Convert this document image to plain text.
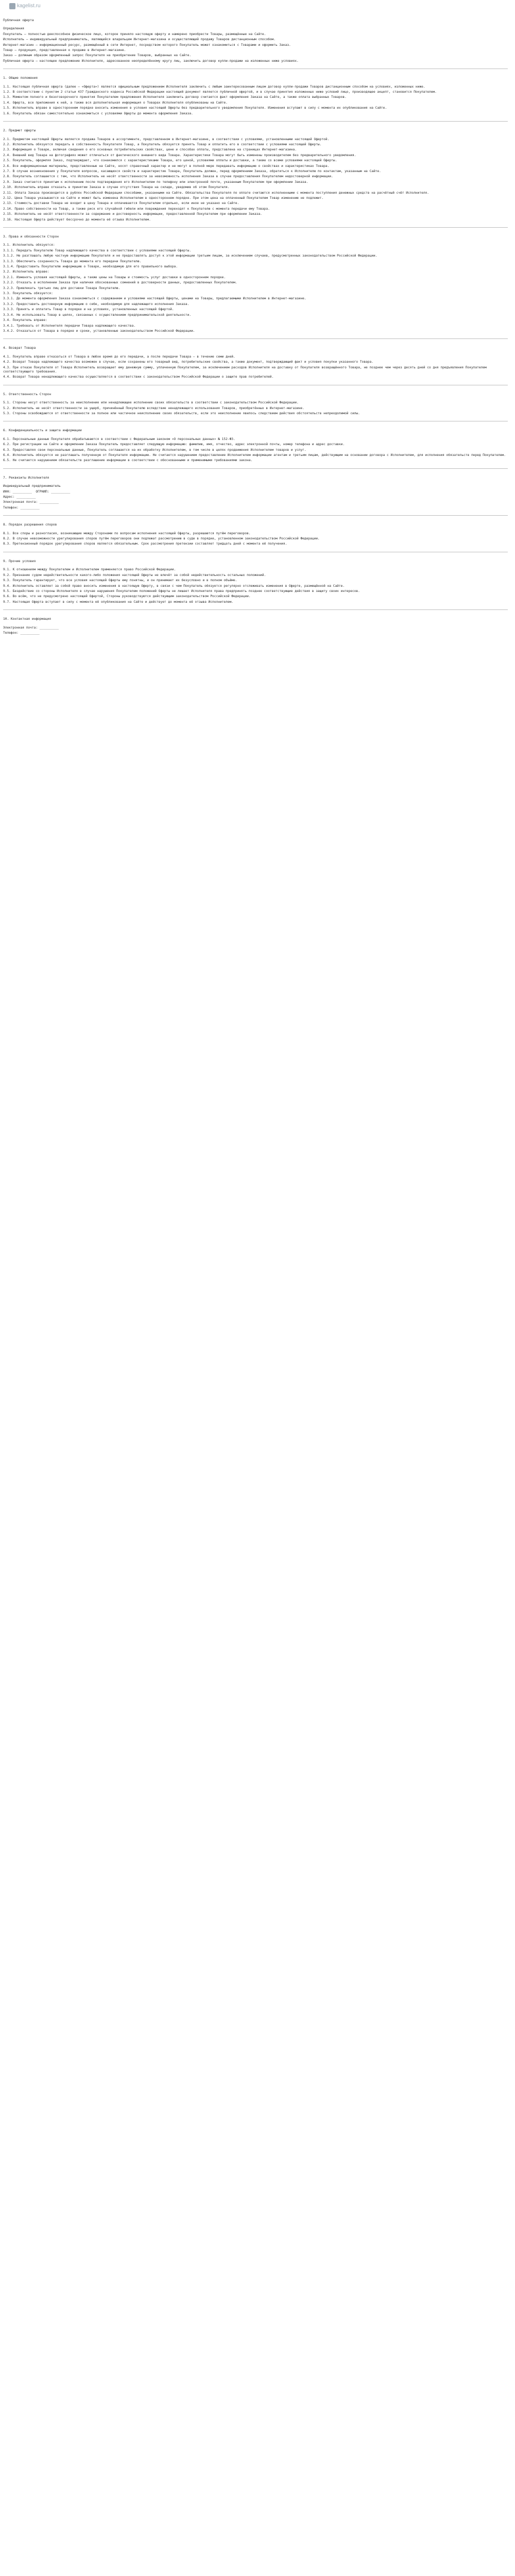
kagelist.ru
Публичная оферта

Определения

Покупатель — полностью дееспособное физическое лицо, которое приняло настоящую оферту и намерено приобрести Товары, размещённые на Сайте.

Исполнитель — индивидуальный предприниматель, являющийся владельцем Интернет-магазина и осуществляющий продажу Товаров дистанционным способом.

Интернет-магазин — информационный ресурс, размещённый в сети Интернет, посредством которого Покупатель может ознакомиться с Товарами и оформить Заказ.

Товар — продукция, представленная к продаже в Интернет-магазине.

Заказ — должным образом оформленный запрос Покупателя на приобретение Товаров, выбранных на Сайте.

Публичная оферта — настоящее предложение Исполнителя, адресованное неопределённому кругу лиц, заключить договор купли-продажи на изложенных ниже условиях.

1. Общие положения

1.1. Настоящая публичная оферта (далее — «Оферта») является официальным предложением Исполнителя заключить с любым заинтересованным лицом договор купли-продажи Товаров дистанционным способом на условиях, изложенных ниже.

1.2. В соответствии с пунктом 2 статьи 437 Гражданского кодекса Российской Федерации настоящий документ является публичной офертой, и в случае принятия изложенных ниже условий лицо, производящее акцепт, становится Покупателем.

1.3. Моментом полного и безоговорочного принятия Покупателем предложения Исполнителя заключить договор считается факт оформления Заказа на Сайте, а также оплата выбранных Товаров.

1.4. Оферта, все приложения к ней, а также вся дополнительная информация о Товарах Исполнителя опубликованы на Сайте.

1.5. Исполнитель вправе в одностороннем порядке вносить изменения в условия настоящей Оферты без предварительного уведомления Покупателя. Изменения вступают в силу с момента их опубликования на Сайте.

1.6. Покупатель обязан самостоятельно ознакомиться с условиями Оферты до момента оформления Заказа.

2. Предмет оферты

2.1. Предметом настоящей Оферты является продажа Товаров в ассортименте, представленном в Интернет-магазине, в соответствии с условиями, установленными настоящей Офертой.

2.2. Исполнитель обязуется передать в собственность Покупателя Товар, а Покупатель обязуется принять Товар и оплатить его в соответствии с условиями настоящей Оферты.

2.3. Информация о Товаре, включая сведения о его основных потребительских свойствах, цене и способах оплаты, представлена на страницах Интернет-магазина.

2.4. Внешний вид Товара на фотографиях может отличаться от фактического внешнего вида Товара. Характеристики Товара могут быть изменены производителем без предварительного уведомления.

2.5. Покупатель, оформляя Заказ, подтверждает, что ознакомился с характеристиками Товара, его ценой, условиями оплаты и доставки, а также со всеми условиями настоящей Оферты.

2.6. Все информационные материалы, представленные на Сайте, носят справочный характер и не могут в полной мере передавать информацию о свойствах и характеристиках Товара.

2.7. В случае возникновения у Покупателя вопросов, касающихся свойств и характеристик Товара, Покупатель должен, перед оформлением Заказа, обратиться к Исполнителю по контактам, указанным на Сайте.

2.8. Покупатель соглашается с тем, что Исполнитель не несёт ответственности за невозможность исполнения Заказа в случае предоставления Покупателем недостоверной информации.

2.9. Заказ считается принятым к исполнению после подтверждения его Исполнителем по телефону или электронной почте, указанным Покупателем при оформлении Заказа.

2.10. Исполнитель вправе отказать в принятии Заказа в случае отсутствия Товара на складе, уведомив об этом Покупателя.

2.11. Оплата Заказа производится в рублях Российской Федерации способами, указанными на Сайте. Обязательства Покупателя по оплате считаются исполненными с момента поступления денежных средств на расчётный счёт Исполнителя.

2.12. Цена Товара указывается на Сайте и может быть изменена Исполнителем в одностороннем порядке. При этом цена на оплаченный Покупателем Товар изменению не подлежит.

2.13. Стоимость доставки Товара не входит в цену Товара и оплачивается Покупателем отдельно, если иное не указано на Сайте.

2.14. Право собственности на Товар, а также риск его случайной гибели или повреждения переходят к Покупателю с момента передачи ему Товара.

2.15. Исполнитель не несёт ответственности за содержание и достоверность информации, предоставленной Покупателем при оформлении Заказа.

2.16. Настоящая Оферта действует бессрочно до момента её отзыва Исполнителем.

3. Права и обязанности Сторон

3.1. Исполнитель обязуется:

3.1.1. Передать Покупателю Товар надлежащего качества в соответствии с условиями настоящей Оферты.

3.1.2. Не разглашать любую частную информацию Покупателя и не предоставлять доступ к этой информации третьим лицам, за исключением случаев, предусмотренных законодательством Российской Федерации.

3.1.3. Обеспечить сохранность Товара до момента его передачи Покупателю.

3.1.4. Предоставить Покупателю информацию о Товаре, необходимую для его правильного выбора.

3.2. Исполнитель вправе:

3.2.1. Изменять условия настоящей Оферты, а также цены на Товары и стоимость услуг доставки в одностороннем порядке.

3.2.2. Отказать в исполнении Заказа при наличии обоснованных сомнений в достоверности данных, предоставленных Покупателем.

3.2.3. Привлекать третьих лиц для доставки Товара Покупателю.

3.3. Покупатель обязуется:

3.3.1. До момента оформления Заказа ознакомиться с содержанием и условиями настоящей Оферты, ценами на Товары, предлагаемыми Исполнителем в Интернет-магазине.

3.3.2. Предоставить достоверную информацию о себе, необходимую для надлежащего исполнения Заказа.

3.3.3. Принять и оплатить Товар в порядке и на условиях, установленных настоящей Офертой.

3.3.4. Не использовать Товар в целях, связанных с осуществлением предпринимательской деятельности.

3.4. Покупатель вправе:

3.4.1. Требовать от Исполнителя передачи Товара надлежащего качества.

3.4.2. Отказаться от Товара в порядке и сроки, установленные законодательством Российской Федерации.

4. Возврат Товара

4.1. Покупатель вправе отказаться от Товара в любое время до его передачи, а после передачи Товара — в течение семи дней.

4.2. Возврат Товара надлежащего качества возможен в случае, если сохранены его товарный вид, потребительские свойства, а также документ, подтверждающий факт и условия покупки указанного Товара.

4.3. При отказе Покупателя от Товара Исполнитель возвращает ему денежную сумму, уплаченную Покупателем, за исключением расходов Исполнителя на доставку от Покупателя возвращённого Товара, не позднее чем через десять дней со дня предъявления Покупателем соответствующего требования.

4.4. Возврат Товара ненадлежащего качества осуществляется в соответствии с законодательством Российской Федерации о защите прав потребителей.

5. Ответственность Сторон

5.1. Стороны несут ответственность за неисполнение или ненадлежащее исполнение своих обязательств в соответствии с законодательством Российской Федерации.

5.2. Исполнитель не несёт ответственности за ущерб, причинённый Покупателю вследствие ненадлежащего использования Товаров, приобретённых в Интернет-магазине.

5.3. Стороны освобождаются от ответственности за полное или частичное неисполнение своих обязательств, если это неисполнение явилось следствием действия обстоятельств непреодолимой силы.

6. Конфиденциальность и защита информации

6.1. Персональные данные Покупателя обрабатываются в соответствии с Федеральным законом «О персональных данных» № 152-ФЗ.

6.2. При регистрации на Сайте и оформлении Заказа Покупатель предоставляет следующую информацию: фамилию, имя, отчество, адрес электронной почты, номер телефона и адрес доставки.

6.3. Предоставляя свои персональные данные, Покупатель соглашается на их обработку Исполнителем, в том числе в целях продвижения Исполнителем товаров и услуг.

6.4. Исполнитель обязуется не разглашать полученную от Покупателя информацию. Не считается нарушением предоставление Исполнителем информации агентам и третьим лицам, действующим на основании договора с Исполнителем, для исполнения обязательств перед Покупателем.

6.5. Не считается нарушением обязательств разглашение информации в соответствии с обоснованными и применимыми требованиями закона.

7. Реквизиты Исполнителя

Индивидуальный предприниматель

ИНН: __________  ОГРНИП: __________

Адрес: __________

Электронная почта: __________

Телефон: __________

8. Порядок разрешения споров

8.1. Все споры и разногласия, возникающие между Сторонами по вопросам исполнения настоящей Оферты, разрешаются путём переговоров.

8.2. В случае невозможности урегулирования споров путём переговоров они подлежат рассмотрению в суде в порядке, установленном законодательством Российской Федерации.

8.3. Претензионный порядок урегулирования споров является обязательным. Срок рассмотрения претензии составляет тридцать дней с момента её получения.

9. Прочие условия

9.1. К отношениям между Покупателем и Исполнителем применяется право Российской Федерации.

9.2. Признание судом недействительности какого-либо положения настоящей Оферты не влечёт за собой недействительность остальных положений.

9.3. Покупатель гарантирует, что все условия настоящей Оферты ему понятны, и он принимает их безусловно и в полном объёме.

9.4. Исполнитель оставляет за собой право вносить изменения в настоящую Оферту, в связи с чем Покупатель обязуется регулярно отслеживать изменения в Оферте, размещённой на Сайте.

9.5. Бездействие со стороны Исполнителя в случае нарушения Покупателем положений Оферты не лишает Исполнителя права предпринять позднее соответствующие действия в защиту своих интересов.

9.6. Во всём, что не предусмотрено настоящей Офертой, Стороны руководствуются действующим законодательством Российской Федерации.

9.7. Настоящая Оферта вступает в силу с момента её опубликования на Сайте и действует до момента её отзыва Исполнителем.

10. Контактная информация

Электронная почта: __________

Телефон: __________
